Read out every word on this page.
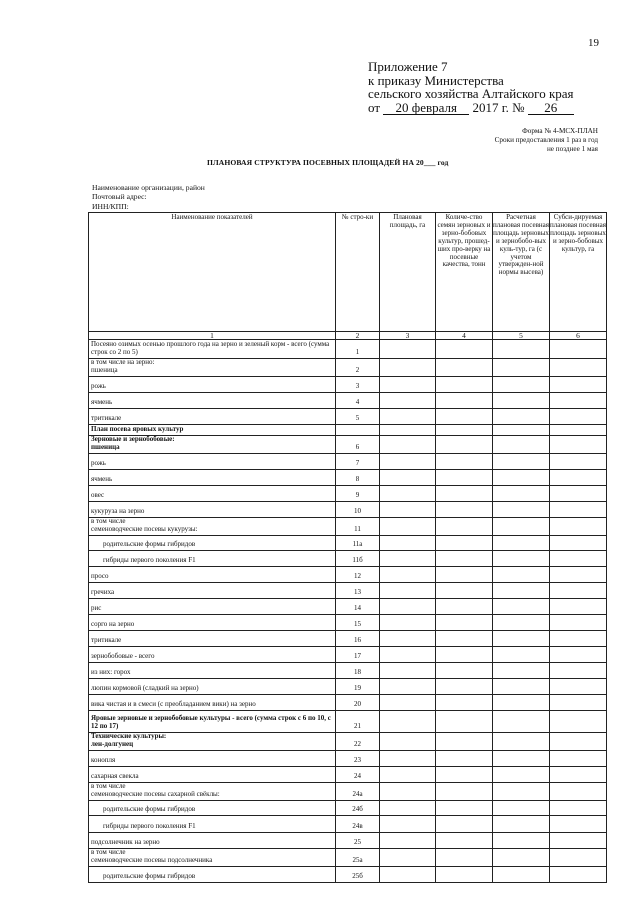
19
Приложение 7
к приказу Министерства
сельского хозяйства Алтайского края
от 20 февраля 2017 г. № 26
Форма № 4-МСХ-ПЛАН
Сроки предоставления 1 раз в год
не позднее 1 мая
ПЛАНОВАЯ СТРУКТУРА ПОСЕВНЫХ ПЛОЩАДЕЙ НА 20___ год
Наименование организации, район
Почтовый адрес:
ИНН/КПП:
Наименование показателей	№ стро-ки	Плановая площадь, га	Количе-ство семян зерновых и зерно-бобовых культур, прошед-ших про-верку на посевные качества, тонн	Расчетная плановая посевная площадь зерновых и зернобобо-вых куль-тур, га (с учетом утвержден-ной нормы высева)	Субси-дируемая плановая посевная площадь зерновых и зерно-бобовых культур, га
1	2	3	4	5	6
Посеяно озимых осенью прошлого года на зерно и зеленый корм - всего (сумма строк со 2 по 5)	1				
в том числе на зерно:
пшеница	2				
рожь	3				
ячмень	4				
тритикале	5				
План посева яровых культур					
Зерновые и зернобобовые:
пшеница	6				
рожь	7				
ячмень	8				
овес	9				
кукуруза на зерно	10				
в том числе
семеноводческие посевы кукурузы:	11				
родительские формы гибридов	11а				
гибриды первого поколения F1	11б				
просо	12				
гречиха	13				
рис	14				
сорго на зерно	15				
тритикале	16				
зернобобовые - всего	17				
из них: горох	18				
люпин кормовой (сладкий на зерно)	19				
вика чистая и в смеси (с преобладанием вики) на зерно	20				
Яровые зерновые и зернобобовые культуры - всего (сумма строк с 6 по 10, с 12 по 17)	21				
Технические культуры:
лен-долгунец	22				
конопля	23				
сахарная свекла	24				
в том числе
семеноводческие посевы сахарной свёклы:	24а				
родительские формы гибридов	24б				
гибриды первого поколения F1	24в				
подсолнечник на зерно	25				
в том числе
семеноводческие посевы подсолнечника	25а				
родительские формы гибридов	25б				
